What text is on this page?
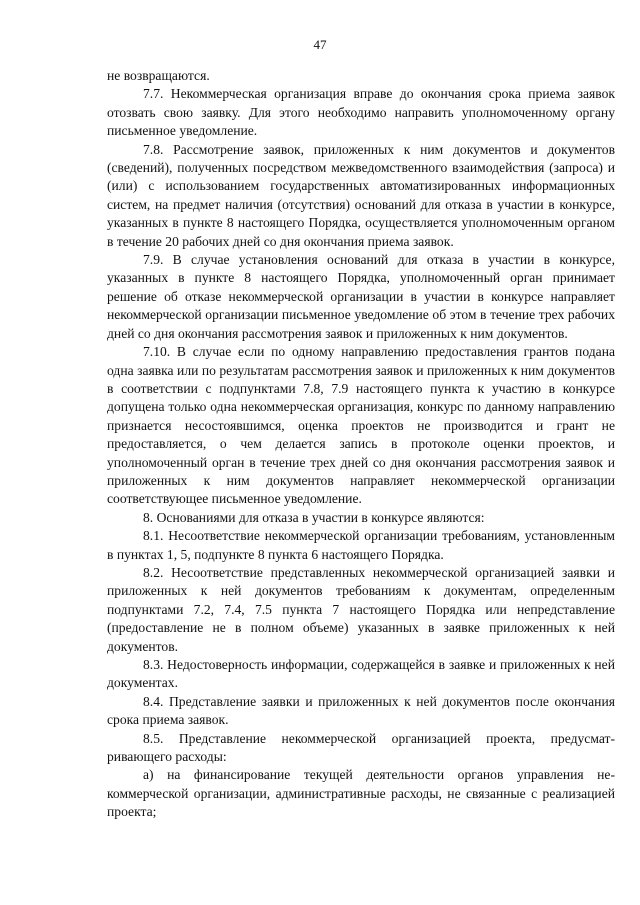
47

не возвращаются.

7.7. Некоммерческая организация вправе до окончания срока приема заявок отозвать свою заявку. Для этого необходимо направить уполномоченному органу письменное уведомление.

7.8. Рассмотрение заявок, приложенных к ним документов и документов (сведений), полученных посредством межведомственного взаимодействия (запроса) и (или) с использованием государственных автоматизированных информационных систем, на предмет наличия (отсутствия) оснований для отказа в участии в конкурсе, указанных в пункте 8 настоящего Порядка, осуществляется уполномоченным органом в течение 20 рабочих дней со дня окончания приема заявок.

7.9. В случае установления оснований для отказа в участии в конкурсе, указанных в пункте 8 настоящего Порядка, уполномоченный орган принимает решение об отказе некоммерческой организации в участии в конкурсе направляет некоммерческой организации письменное уведомление об этом в течение трех рабочих дней со дня окончания рассмотрения заявок и приложенных к ним документов.

7.10. В случае если по одному направлению предоставления грантов подана одна заявка или по результатам рассмотрения заявок и приложенных к ним документов в соответствии с подпунктами 7.8, 7.9 настоящего пункта к участию в конкурсе допущена только одна некоммерческая организация, конкурс по данному направлению признается несостоявшимся, оценка проектов не производится и грант не предоставляется, о чем делается запись в протоколе оценки проектов, и уполномоченный орган в течение трех дней со дня окончания рассмотрения заявок и приложенных к ним документов направляет некоммерческой организации соответствующее письменное уведомление.

8. Основаниями для отказа в участии в конкурсе являются:

8.1. Несоответствие некоммерческой организации требованиям, установленным в пунктах 1, 5, подпункте 8 пункта 6 настоящего Порядка.

8.2. Несоответствие представленных некоммерческой организацией заявки и приложенных к ней документов требованиям к документам, определенным подпунктами 7.2, 7.4, 7.5 пункта 7 настоящего Порядка или непредставление (предоставление не в полном объеме) указанных в заявке приложенных к ней документов.

8.3. Недостоверность информации, содержащейся в заявке и приложенных к ней документах.

8.4. Представление заявки и приложенных к ней документов после окончания срока приема заявок.

8.5. Представление некоммерческой организацией проекта, предусматривающего расходы:

а) на финансирование текущей деятельности органов управления некоммерческой организации, административные расходы, не связанные с реализацией проекта;
